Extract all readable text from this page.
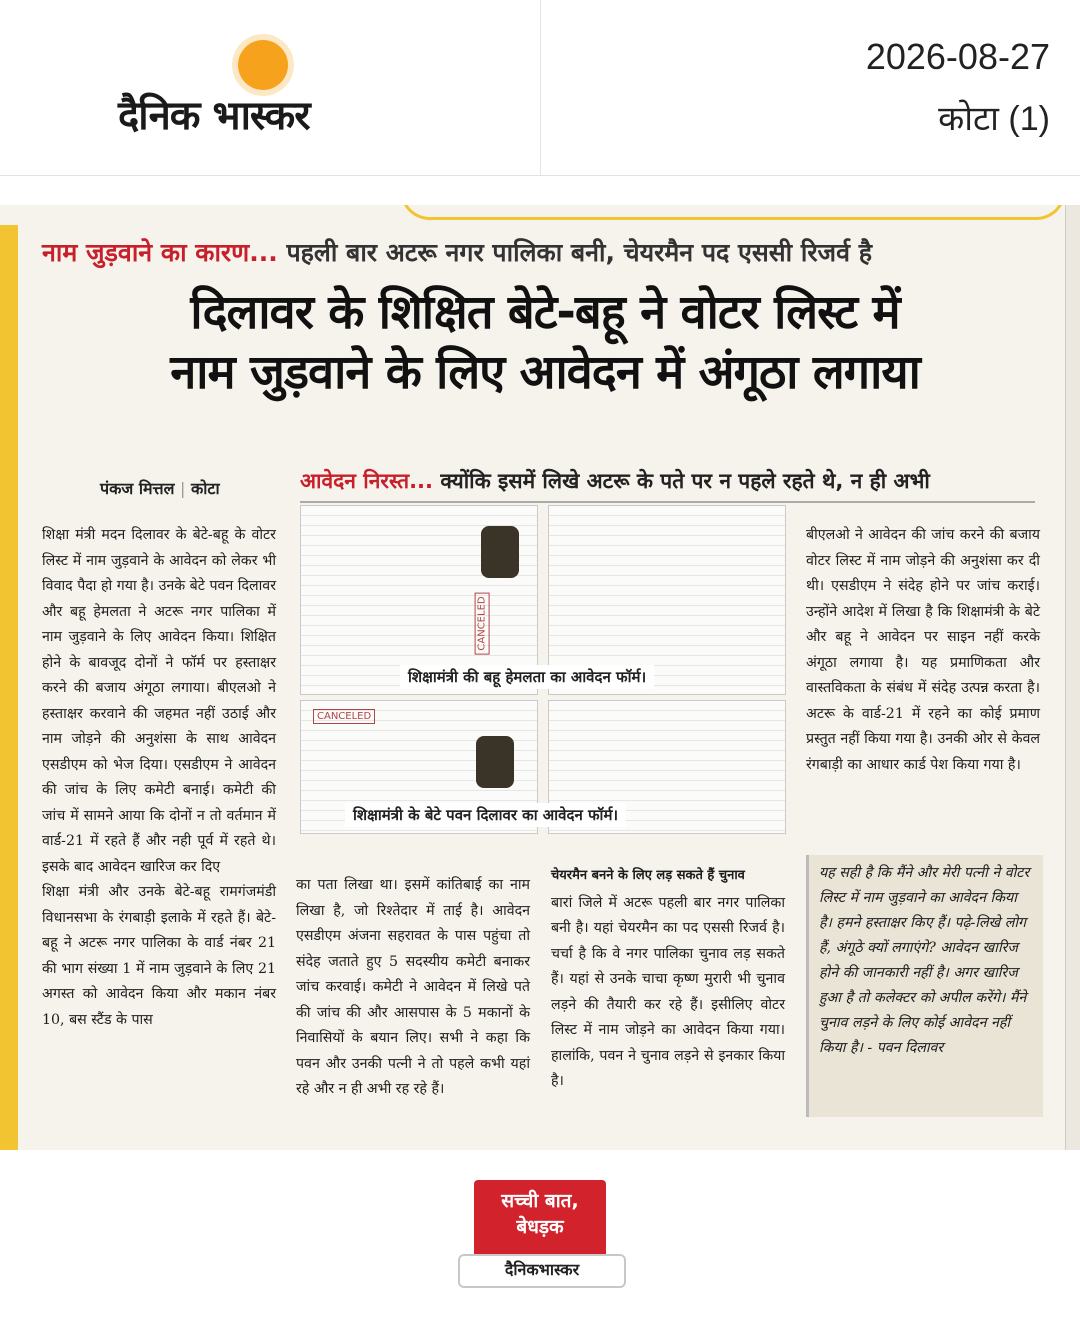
दैनिक भास्कर
2026-08-27
कोटा (1)
नाम जुड़वाने का कारण... पहली बार अटरू नगर पालिका बनी, चेयरमैन पद एससी रिजर्व है
दिलावर के शिक्षित बेटे-बहू ने वोटर लिस्ट में
नाम जुड़वाने के लिए आवेदन में अंगूठा लगाया
पंकज मित्तल | कोटा	आवेदन निरस्त... क्योंकि इसमें लिखे अटरू के पते पर न पहले रहते थे, न ही अभी
शिक्षा मंत्री मदन दिलावर के बेटे-बहू के वोटर लिस्ट में नाम जुड़वाने के आवेदन को लेकर भी विवाद पैदा हो गया है। उनके बेटे पवन दिलावर और बहू हेमलता ने अटरू नगर पालिका में नाम जुड़वाने के लिए आवेदन किया। शिक्षित होने के बावजूद दोनों ने फॉर्म पर हस्ताक्षर करने की बजाय अंगूठा लगाया। बीएलओ ने हस्ताक्षर करवाने की जहमत नहीं उठाई और नाम जोड़ने की अनुशंसा के साथ आवेदन एसडीएम को भेज दिया। एसडीएम ने आवेदन की जांच के लिए कमेटी बनाई। कमेटी की जांच में सामने आया कि दोनों न तो वर्तमान में वार्ड-21 में रहते हैं और नही पूर्व में रहते थे। इसके बाद आवेदन खारिज कर दिए
शिक्षा मंत्री और उनके बेटे-बहू रामगंजमंडी विधानसभा के रंगबाड़ी इलाके में रहते हैं। बेटे-बहू ने अटरू नगर पालिका के वार्ड नंबर 21 की भाग संख्या 1 में नाम जुड़वाने के लिए 21 अगस्त को आवेदन किया और मकान नंबर 10, बस स्टैंड के पास
CANCELED
शिक्षामंत्री की बहू हेमलता का आवेदन फॉर्म।
CANCELED
शिक्षामंत्री के बेटे पवन दिलावर का आवेदन फॉर्म।
का पता लिखा था। इसमें कांतिबाई का नाम लिखा है, जो रिश्तेदार में ताई है। आवेदन एसडीएम अंजना सहरावत के पास पहुंचा तो संदेह जताते हुए 5 सदस्यीय कमेटी बनाकर जांच करवाई। कमेटी ने आवेदन में लिखे पते की जांच की और आसपास के 5 मकानों के निवासियों के बयान लिए। सभी ने कहा कि पवन और उनकी पत्नी ने तो पहले कभी यहां रहे और न ही अभी रह रहे हैं।
चेयरमैन बनने के लिए लड़ सकते हैं चुनाव
बारां जिले में अटरू पहली बार नगर पालिका बनी है। यहां चेयरमैन का पद एससी रिजर्व है। चर्चा है कि वे नगर पालिका चुनाव लड़ सकते हैं। यहां से उनके चाचा कृष्ण मुरारी भी चुनाव लड़ने की तैयारी कर रहे हैं। इसीलिए वोटर लिस्ट में नाम जोड़ने का आवेदन किया गया। हालांकि, पवन ने चुनाव लड़ने से इनकार किया है।
बीएलओ ने आवेदन की जांच करने की बजाय वोटर लिस्ट में नाम जोड़ने की अनुशंसा कर दी थी। एसडीएम ने संदेह होने पर जांच कराई। उन्होंने आदेश में लिखा है कि शिक्षामंत्री के बेटे और बहू ने आवेदन पर साइन नहीं करके अंगूठा लगाया है। यह प्रमाणिकता और वास्तविकता के संबंध में संदेह उत्पन्न करता है। अटरू के वार्ड-21 में रहने का कोई प्रमाण प्रस्तुत नहीं किया गया है। उनकी ओर से केवल रंगबाड़ी का आधार कार्ड पेश किया गया है।
यह सही है कि मैंने और मेरी पत्नी ने वोटर लिस्ट में नाम जुड़वाने का आवेदन किया है। हमने हस्ताक्षर किए हैं। पढ़े-लिखे लोग हैं, अंगूठे क्यों लगाएंगे? आवेदन खारिज होने की जानकारी नहीं है। अगर खारिज हुआ है तो कलेक्टर को अपील करेंगे। मैंने चुनाव लड़ने के लिए कोई आवेदन नहीं किया है। - पवन दिलावर
सच्ची बात,
बेधड़क
दैनिकभास्कर
